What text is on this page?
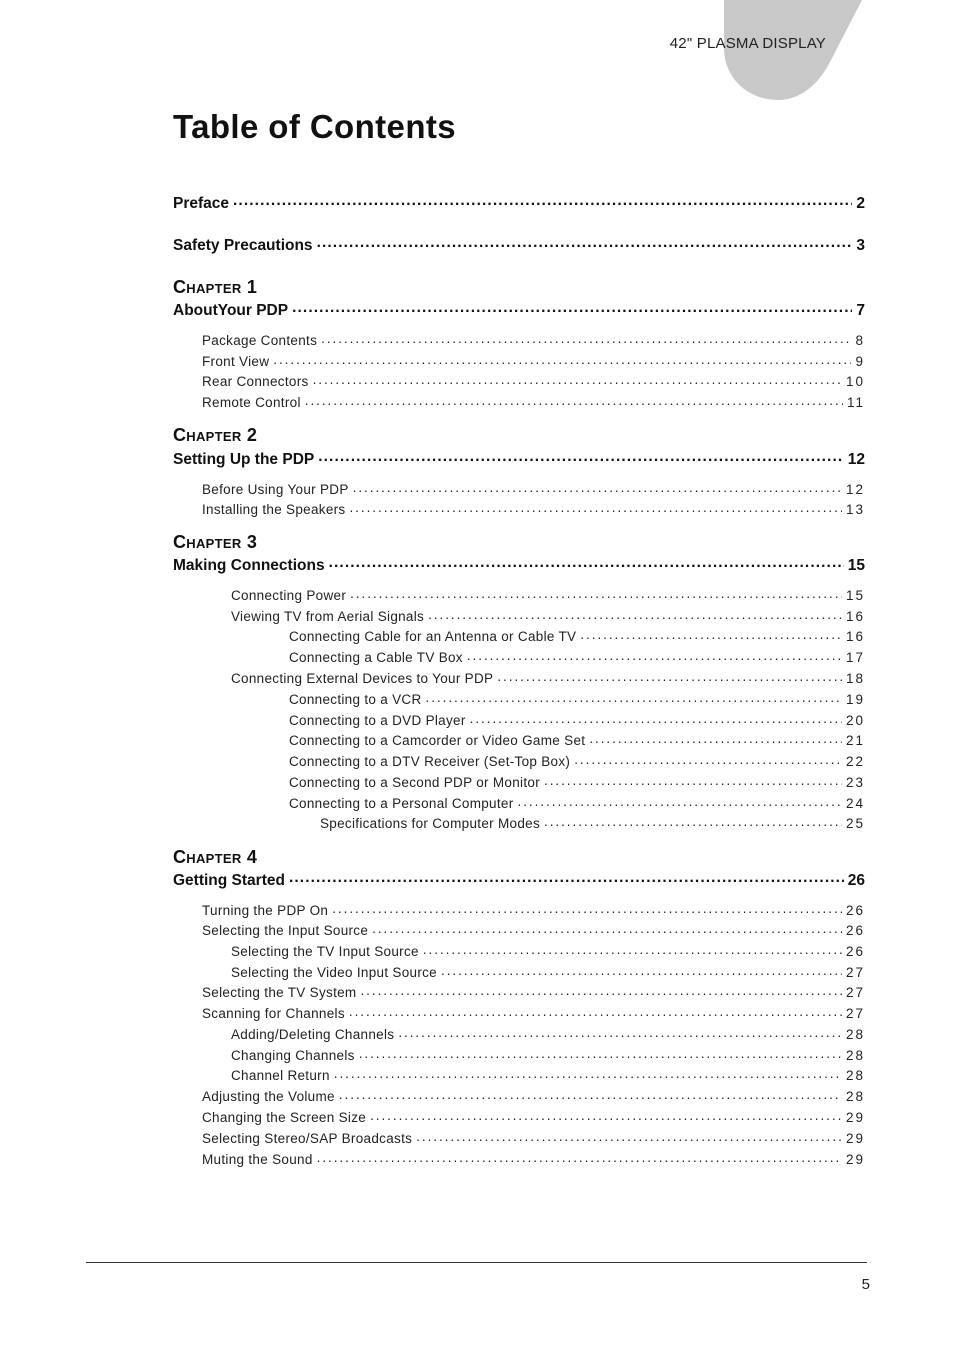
42" PLASMA DISPLAY
Table of Contents
Preface . . .	2
Safety Precautions . . .	3
Chapter 1
AboutYour PDP . . .	7
Package Contents . . .	8
Front View . . .	9
Rear Connectors . . .	10
Remote Control . . .	11
Chapter 2
Setting Up the PDP . . .	12
Before Using Your PDP . . .	12
Installing the Speakers . . .	13
Chapter 3
Making Connections . . .	15
Connecting Power . . .	15
Viewing TV from Aerial Signals . . .	16
Connecting Cable for an Antenna or Cable TV . . .	16
Connecting a Cable TV Box . . .	17
Connecting External Devices to Your PDP . . .	18
Connecting to a VCR . . .	19
Connecting to a DVD Player . . .	20
Connecting to a Camcorder or Video Game Set . . .	21
Connecting to a DTV Receiver (Set-Top Box) . . .	22
Connecting to a Second PDP or Monitor . . .	23
Connecting to a Personal Computer . . .	24
Specifications for Computer Modes . . .	25
Chapter 4
Getting Started . . .	26
Turning the PDP On . . .	26
Selecting the Input Source . . .	26
Selecting the TV Input Source . . .	26
Selecting the Video Input Source . . .	27
Selecting the TV System . . .	27
Scanning for Channels . . .	27
Adding/Deleting Channels . . .	28
Changing Channels . . .	28
Channel Return . . .	28
Adjusting the Volume . . .	28
Changing the Screen Size . . .	29
Selecting Stereo/SAP Broadcasts . . .	29
Muting the Sound . . .	29
5
